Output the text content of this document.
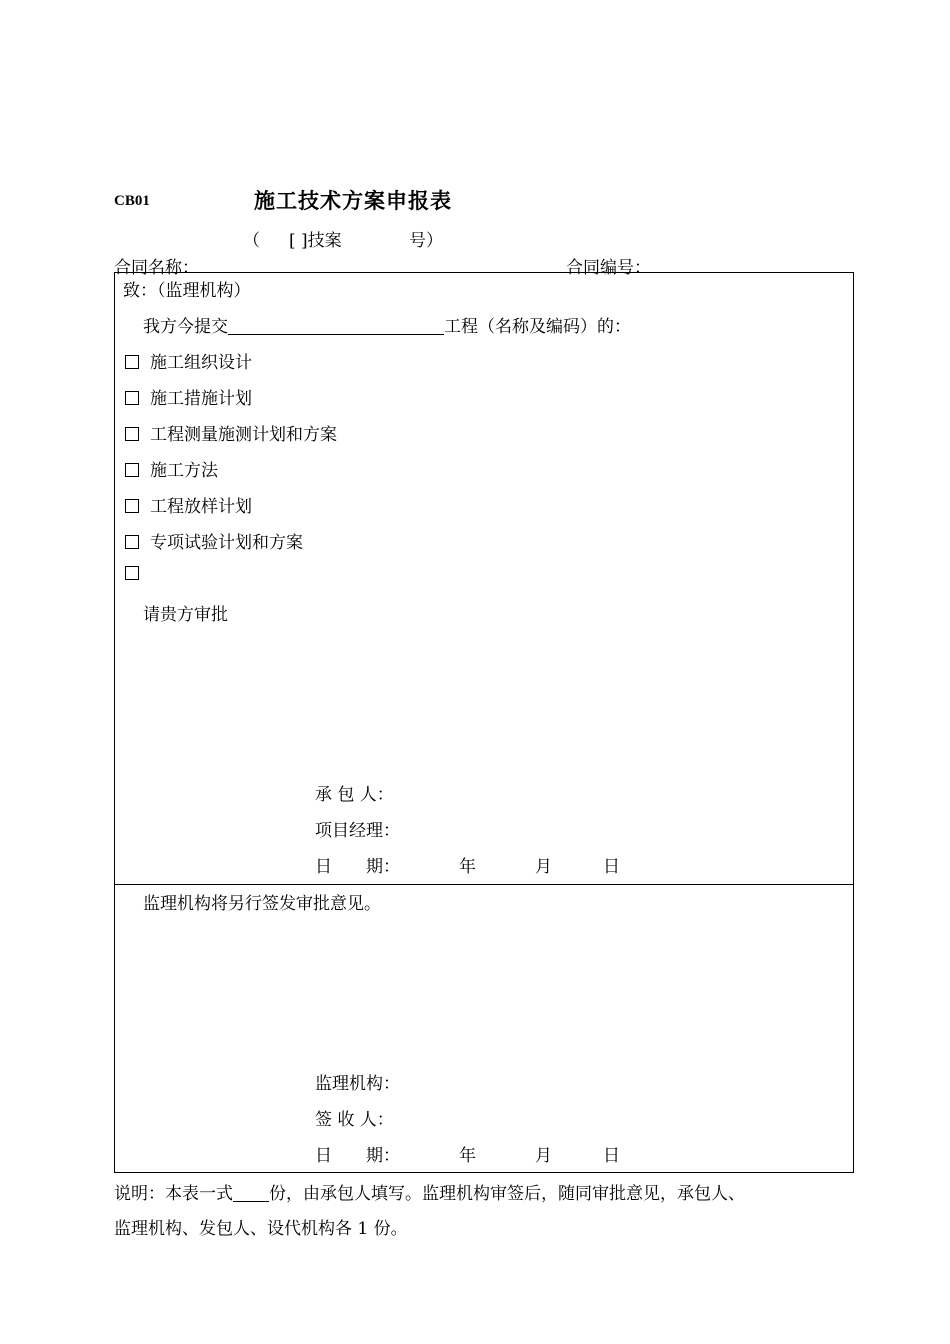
CB01	施工技术方案申报表
（ [ ]技案	号）
合同名称：	合同编号：
致：（监理机构）
我方今提交	工程（名称及编码）的：
施工组织设计
施工措施计划
工程测量施测计划和方案
施工方法
工程放样计划
专项试验计划和方案
请贵方审批
承 包 人：
项目经理：
日　　期：	年	月	日
监理机构将另行签发审批意见。
监理机构：
签 收 人：
日　　期：	年	月	日
说明：本表一式 份，由承包人填写。监理机构审签后，随同审批意见，承包人、
监理机构、发包人、设代机构各 1 份。
